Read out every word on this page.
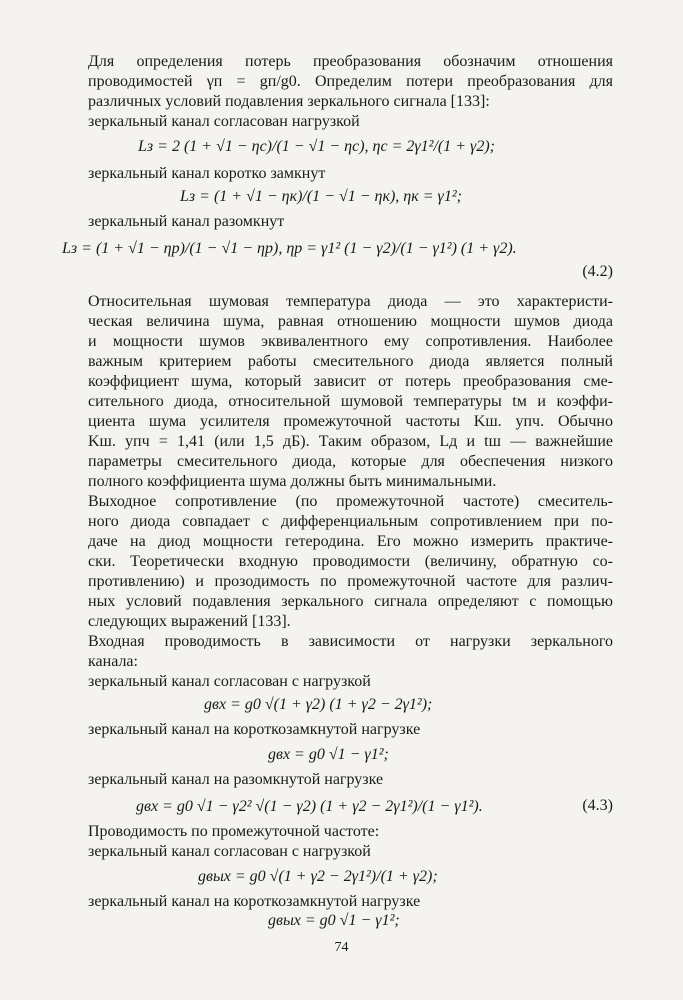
Для определения потерь преобразования обозначим отношения
проводимостей γп = gп/g0. Определим потери преобразования для
различных условий подавления зеркального сигнала [133]:
зеркальный канал согласован нагрузкой
Lз = 2 (1 + √1 − ηс)/(1 − √1 − ηс), ηс = 2γ1²/(1 + γ2);
зеркальный канал коротко замкнут
Lз = (1 + √1 − ηк)/(1 − √1 − ηк), ηк = γ1²;
зеркальный канал разомкнут
Lз = (1 + √1 − ηр)/(1 − √1 − ηр), ηр = γ1² (1 − γ2)/(1 − γ1²) (1 + γ2).
(4.2)
Относительная шумовая температура диода — это характеристи-
ческая величина шума, равная отношению мощности шумов диода
и мощности шумов эквивалентного ему сопротивления. Наиболее
важным критерием работы смесительного диода является полный
коэффициент шума, который зависит от потерь преобразования сме-
сительного диода, относительной шумовой температуры tм и коэффи-
циента шума усилителя промежуточной частоты Kш. упч. Обычно
Kш. упч = 1,41 (или 1,5 дБ). Таким образом, Lд и tш — важнейшие
параметры смесительного диода, которые для обеспечения низкого
полного коэффициента шума должны быть минимальными.
Выходное сопротивление (по промежуточной частоте) смеситель-
ного диода совпадает с дифференциальным сопротивлением при по-
даче на диод мощности гетеродина. Его можно измерить практиче-
ски. Теоретически входную проводимости (величину, обратную со-
противлению) и прозодимость по промежуточной частоте для различ-
ных условий подавления зеркального сигнала определяют с помощью
следующих выражений [133].
Входная проводимость в зависимости от нагрузки зеркального
канала:
зеркальный канал согласован с нагрузкой
gвх = g0 √(1 + γ2) (1 + γ2 − 2γ1²);
зеркальный канал на короткозамкнутой нагрузке
gвх = g0 √1 − γ1²;
зеркальный канал на разомкнутой нагрузке
gвх = g0 √1 − γ2² √(1 − γ2) (1 + γ2 − 2γ1²)/(1 − γ1²).	(4.3)
Проводимость по промежуточной частоте:
зеркальный канал согласован с нагрузкой
gвых = g0 √(1 + γ2 − 2γ1²)/(1 + γ2);
зеркальный канал на короткозамкнутой нагрузке
gвых = g0 √1 − γ1²;
74
